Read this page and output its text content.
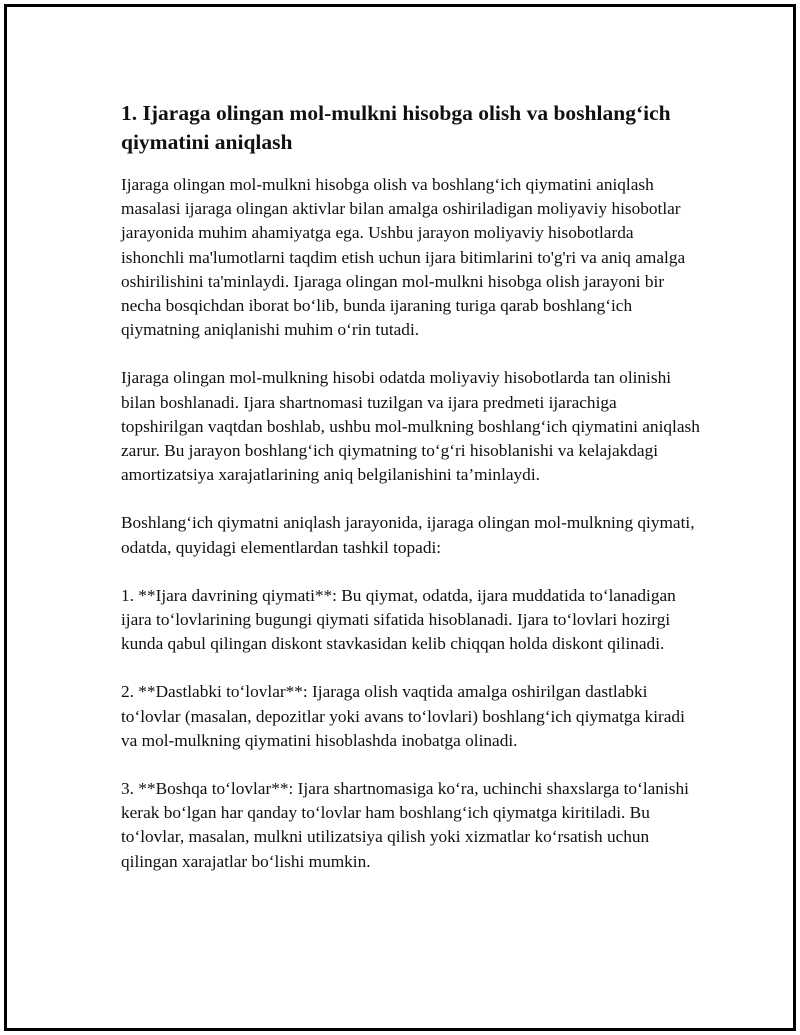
1. Ijaraga olingan mol-mulkni hisobga olish va boshlang‘ich qiymatini aniqlash

Ijaraga olingan mol-mulkni hisobga olish va boshlang‘ich qiymatini aniqlash masalasi ijaraga olingan aktivlar bilan amalga oshiriladigan moliyaviy hisobotlar jarayonida muhim ahamiyatga ega. Ushbu jarayon moliyaviy hisobotlarda ishonchli ma'lumotlarni taqdim etish uchun ijara bitimlarini to'g'ri va aniq amalga oshirilishini ta'minlaydi. Ijaraga olingan mol-mulkni hisobga olish jarayoni bir necha bosqichdan iborat bo‘lib, bunda ijaraning turiga qarab boshlang‘ich qiymatning aniqlanishi muhim o‘rin tutadi.

Ijaraga olingan mol-mulkning hisobi odatda moliyaviy hisobotlarda tan olinishi bilan boshlanadi. Ijara shartnomasi tuzilgan va ijara predmeti ijarachiga topshirilgan vaqtdan boshlab, ushbu mol-mulkning boshlang‘ich qiymatini aniqlash zarur. Bu jarayon boshlang‘ich qiymatning to‘g‘ri hisoblanishi va kelajakdagi amortizatsiya xarajatlarining aniq belgilanishini ta’minlaydi.

Boshlang‘ich qiymatni aniqlash jarayonida, ijaraga olingan mol-mulkning qiymati, odatda, quyidagi elementlardan tashkil topadi:

1. **Ijara davrining qiymati**: Bu qiymat, odatda, ijara muddatida to‘lanadigan ijara to‘lovlarining bugungi qiymati sifatida hisoblanadi. Ijara to‘lovlari hozirgi kunda qabul qilingan diskont stavkasidan kelib chiqqan holda diskont qilinadi.

2. **Dastlabki to‘lovlar**: Ijaraga olish vaqtida amalga oshirilgan dastlabki to‘lovlar (masalan, depozitlar yoki avans to‘lovlari) boshlang‘ich qiymatga kiradi va mol-mulkning qiymatini hisoblashda inobatga olinadi.

3. **Boshqa to‘lovlar**: Ijara shartnomasiga ko‘ra, uchinchi shaxslarga to‘lanishi kerak bo‘lgan har qanday to‘lovlar ham boshlang‘ich qiymatga kiritiladi. Bu to‘lovlar, masalan, mulkni utilizatsiya qilish yoki xizmatlar ko‘rsatish uchun qilingan xarajatlar bo‘lishi mumkin.
